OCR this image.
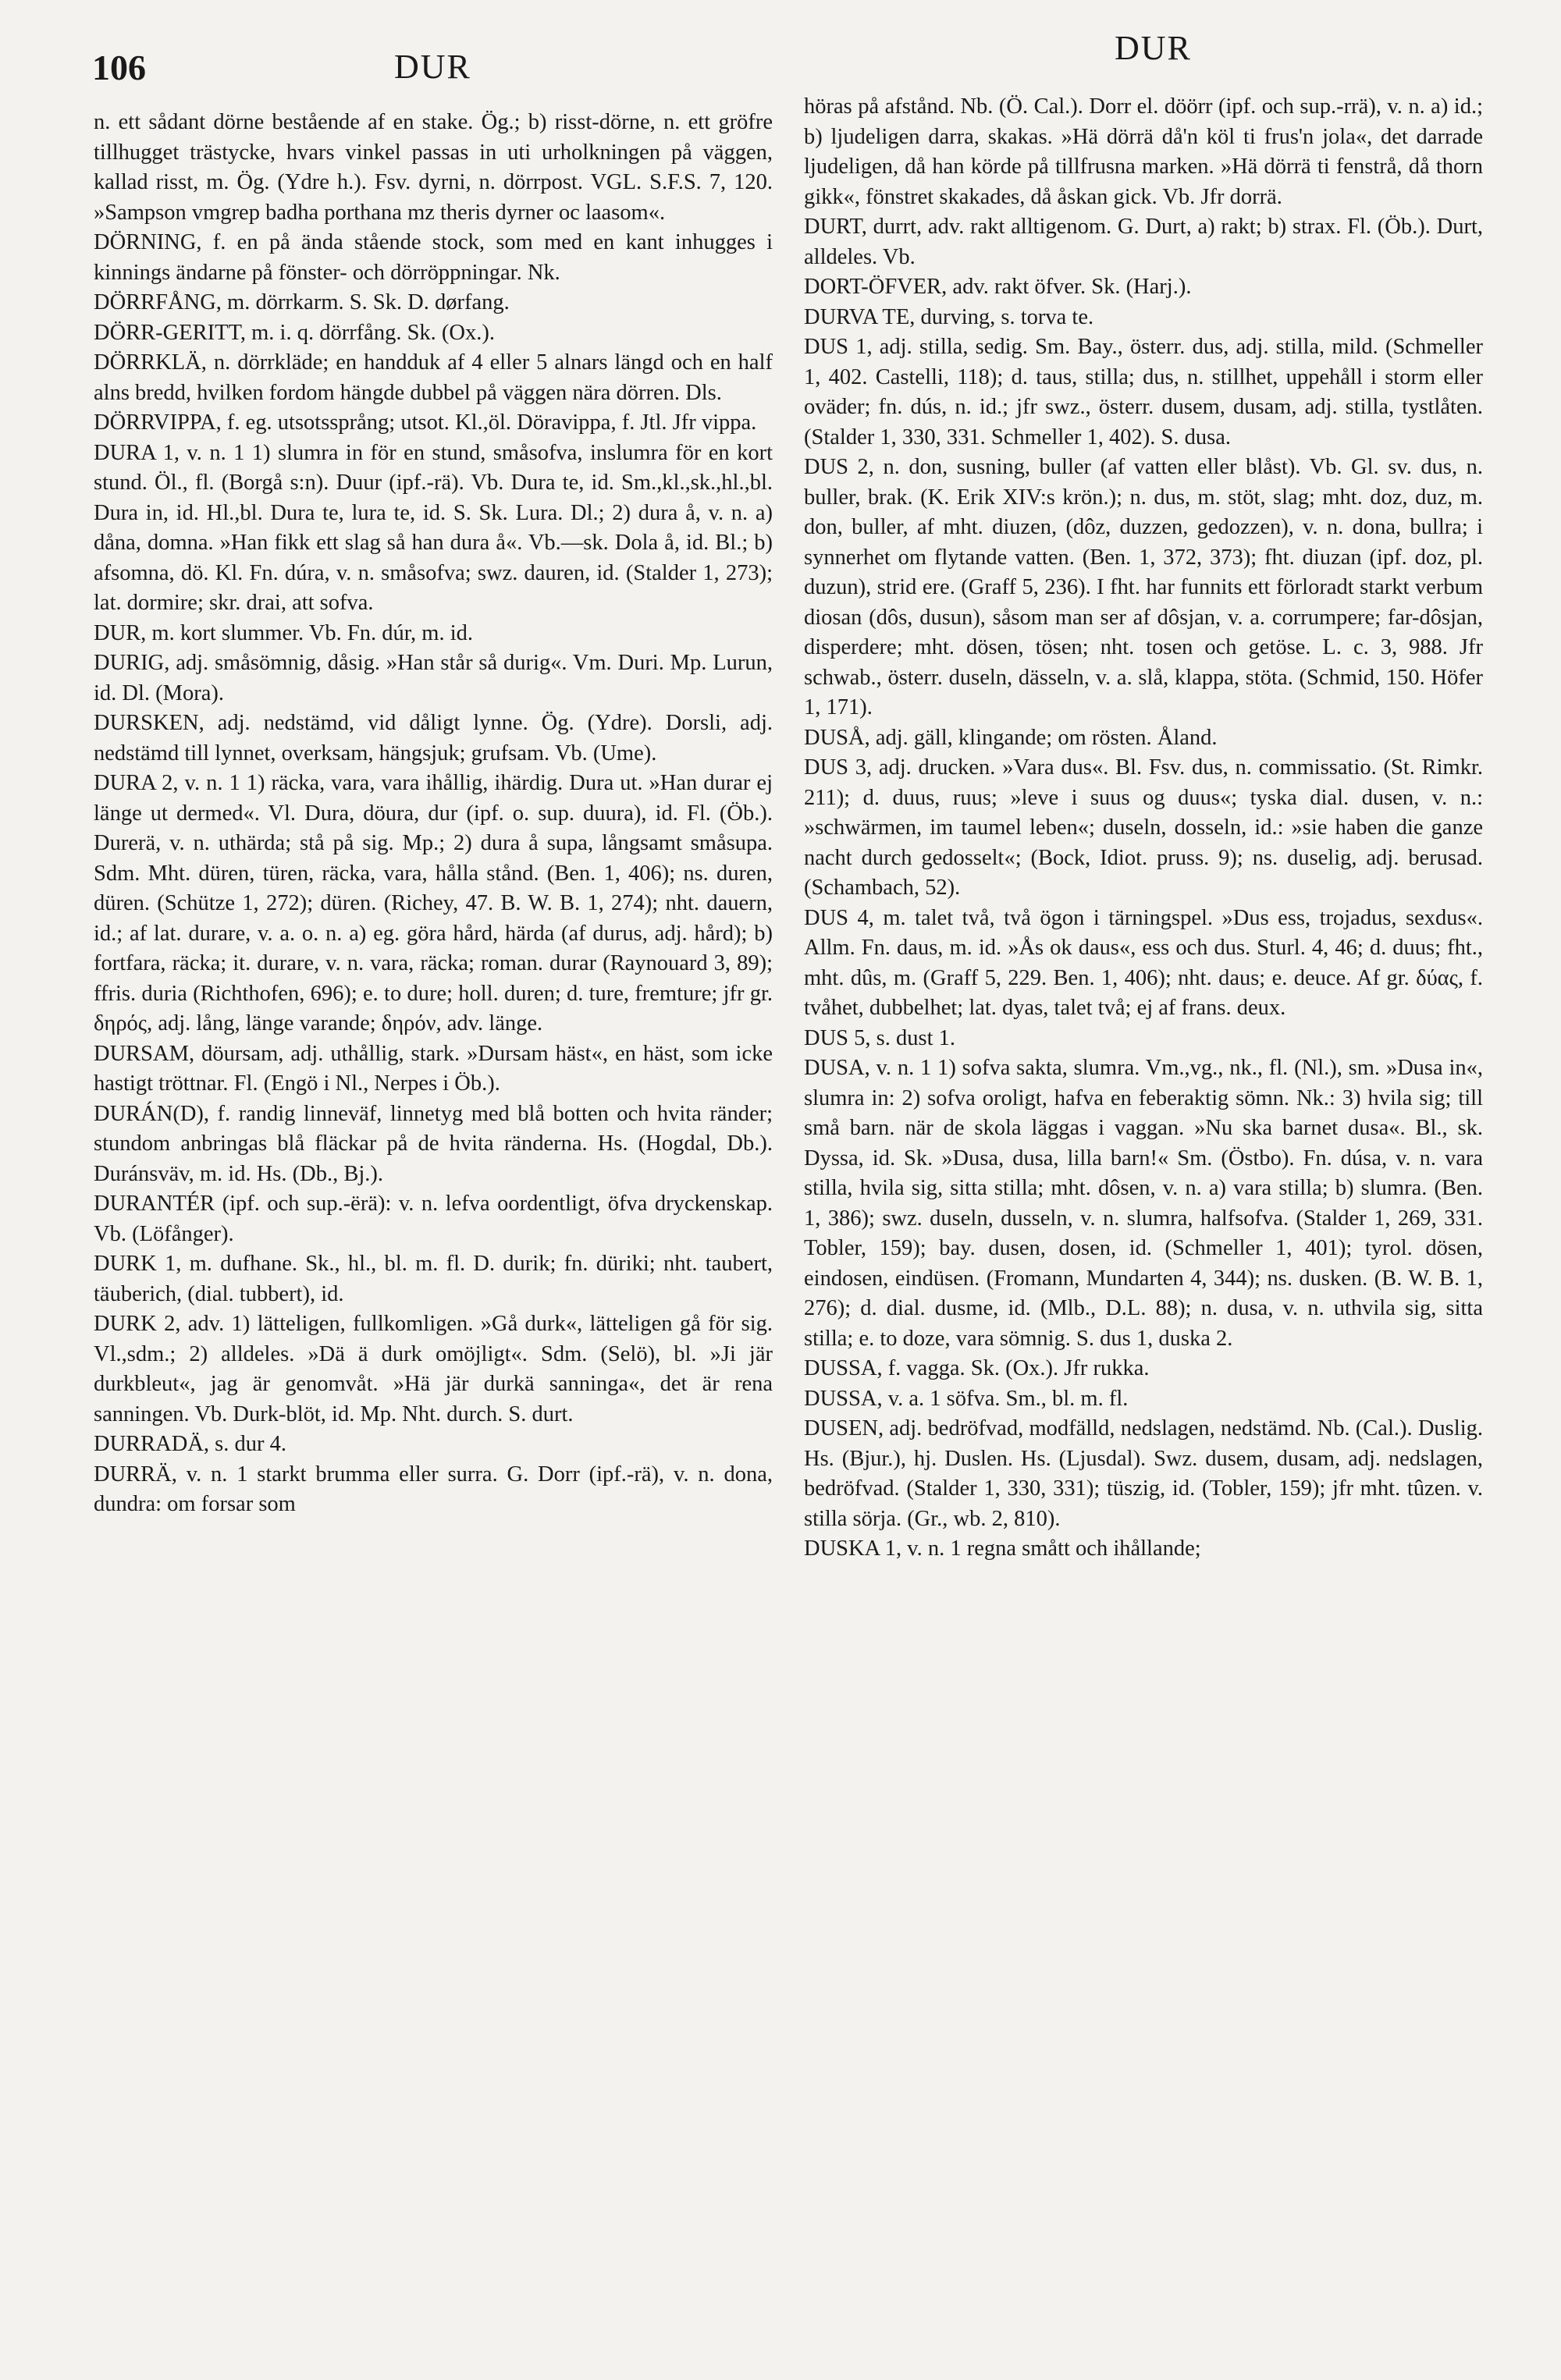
106	DUR	DUR

n. ett sådant dörne bestående af en stake. Ög.; b) risst-dörne, n. ett gröfre tillhugget trästycke, hvars vinkel passas in uti urholkningen på väggen, kallad risst, m. Ög. (Ydre h.). Fsv. dyrni, n. dörrpost. VGL. S.F.S. 7, 120. »Sampson vmgrep badha porthana mz theris dyrner oc laasom«.

DÖRNING, f. en på ända stående stock, som med en kant inhugges i kinnings ändarne på fönster- och dörröppningar. Nk.

DÖRRFÅNG, m. dörrkarm. S. Sk. D. dørfang.

DÖRR-GERITT, m. i. q. dörrfång. Sk. (Ox.).

DÖRRKLÄ, n. dörrkläde; en handduk af 4 eller 5 alnars längd och en half alns bredd, hvilken fordom hängde dubbel på väggen nära dörren. Dls.

DÖRRVIPPA, f. eg. utsotssprång; utsot. Kl.,öl. Döravippa, f. Jtl. Jfr vippa.

DURA 1, v. n. 1 1) slumra in för en stund, småsofva, inslumra för en kort stund. Öl., fl. (Borgå s:n). Duur (ipf.-rä). Vb. Dura te, id. Sm.,kl.,sk.,hl.,bl. Dura in, id. Hl.,bl. Dura te, lura te, id. S. Sk. Lura. Dl.; 2) dura å, v. n. a) dåna, domna. »Han fikk ett slag så han dura å«. Vb.—sk. Dola å, id. Bl.; b) afsomna, dö. Kl. Fn. dúra, v. n. småsofva; swz. dauren, id. (Stalder 1, 273); lat. dormire; skr. drai, att sofva.

DUR, m. kort slummer. Vb. Fn. dúr, m. id.

DURIG, adj. småsömnig, dåsig. »Han står så durig«. Vm. Duri. Mp. Lurun, id. Dl. (Mora).

DURSKEN, adj. nedstämd, vid dåligt lynne. Ög. (Ydre). Dorsli, adj. nedstämd till lynnet, overksam, hängsjuk; grufsam. Vb. (Ume).

DURA 2, v. n. 1 1) räcka, vara, vara ihållig, ihärdig. Dura ut. »Han durar ej länge ut dermed«. Vl. Dura, döura, dur (ipf. o. sup. duura), id. Fl. (Öb.). Durerä, v. n. uthärda; stå på sig. Mp.; 2) dura å supa, långsamt småsupa. Sdm. Mht. düren, türen, räcka, vara, hålla stånd. (Ben. 1, 406); ns. duren, düren. (Schütze 1, 272); düren. (Richey, 47. B. W. B. 1, 274); nht. dauern, id.; af lat. durare, v. a. o. n. a) eg. göra hård, härda (af durus, adj. hård); b) fortfara, räcka; it. durare, v. n. vara, räcka; roman. durar (Raynouard 3, 89); ffris. duria (Richthofen, 696); e. to dure; holl. duren; d. ture, fremture; jfr gr. δηρός, adj. lång, länge varande; δηρόν, adv. länge.

DURSAM, döursam, adj. uthållig, stark. »Dursam häst«, en häst, som icke hastigt tröttnar. Fl. (Engö i Nl., Nerpes i Öb.).

DURÁN(D), f. randig linneväf, linnetyg med blå botten och hvita ränder; stundom anbringas blå fläckar på de hvita ränderna. Hs. (Hogdal, Db.). Duránsväv, m. id. Hs. (Db., Bj.).

DURANTÉR (ipf. och sup.-ërä): v. n. lefva oordentligt, öfva dryckenskap. Vb. (Löfånger).

DURK 1, m. dufhane. Sk., hl., bl. m. fl. D. durik; fn. düriki; nht. taubert, täuberich, (dial. tubbert), id.

DURK 2, adv. 1) lätteligen, fullkomligen. »Gå durk«, lätteligen gå för sig. Vl.,sdm.; 2) alldeles. »Dä ä durk omöjligt«. Sdm. (Selö), bl. »Ji jär durkbleut«, jag är genomvåt. »Hä jär durkä sanninga«, det är rena sanningen. Vb. Durk-blöt, id. Mp. Nht. durch. S. durt.

DURRADÄ, s. dur 4.

DURRÄ, v. n. 1 starkt brumma eller surra. G. Dorr (ipf.-rä), v. n. dona, dundra: om forsar som

höras på afstånd. Nb. (Ö. Cal.). Dorr el. döörr (ipf. och sup.-rrä), v. n. a) id.; b) ljudeligen darra, skakas. »Hä dörrä då'n köl ti frus'n jola«, det darrade ljudeligen, då han körde på tillfrusna marken. »Hä dörrä ti fenstrå, då thorn gikk«, fönstret skakades, då åskan gick. Vb. Jfr dorrä.

DURT, durrt, adv. rakt alltigenom. G. Durt, a) rakt; b) strax. Fl. (Öb.). Durt, alldeles. Vb.

DORT-ÖFVER, adv. rakt öfver. Sk. (Harj.).

DURVA TE, durving, s. torva te.

DUS 1, adj. stilla, sedig. Sm. Bay., österr. dus, adj. stilla, mild. (Schmeller 1, 402. Castelli, 118); d. taus, stilla; dus, n. stillhet, uppehåll i storm eller oväder; fn. dús, n. id.; jfr swz., österr. dusem, dusam, adj. stilla, tystlåten. (Stalder 1, 330, 331. Schmeller 1, 402). S. dusa.

DUS 2, n. don, susning, buller (af vatten eller blåst). Vb. Gl. sv. dus, n. buller, brak. (K. Erik XIV:s krön.); n. dus, m. stöt, slag; mht. doz, duz, m. don, buller, af mht. diuzen, (dôz, duzzen, gedozzen), v. n. dona, bullra; i synnerhet om flytande vatten. (Ben. 1, 372, 373); fht. diuzan (ipf. doz, pl. duzun), strid ere. (Graff 5, 236). I fht. har funnits ett förloradt starkt verbum diosan (dôs, dusun), såsom man ser af dôsjan, v. a. corrumpere; far-dôsjan, disperdere; mht. dösen, tösen; nht. tosen och getöse. L. c. 3, 988. Jfr schwab., österr. duseln, dässeln, v. a. slå, klappa, stöta. (Schmid, 150. Höfer 1, 171).

DUSÅ, adj. gäll, klingande; om rösten. Åland.

DUS 3, adj. drucken. »Vara dus«. Bl. Fsv. dus, n. commissatio. (St. Rimkr. 211); d. duus, ruus; »leve i suus og duus«; tyska dial. dusen, v. n.: »schwärmen, im taumel leben«; duseln, dosseln, id.: »sie haben die ganze nacht durch gedosselt«; (Bock, Idiot. pruss. 9); ns. duselig, adj. berusad. (Schambach, 52).

DUS 4, m. talet två, två ögon i tärningspel. »Dus ess, trojadus, sexdus«. Allm. Fn. daus, m. id. »Ås ok daus«, ess och dus. Sturl. 4, 46; d. duus; fht., mht. dûs, m. (Graff 5, 229. Ben. 1, 406); nht. daus; e. deuce. Af gr. δύας, f. tvåhet, dubbelhet; lat. dyas, talet två; ej af frans. deux.

DUS 5, s. dust 1.

DUSA, v. n. 1 1) sofva sakta, slumra. Vm.,vg., nk., fl. (Nl.), sm. »Dusa in«, slumra in: 2) sofva oroligt, hafva en feberaktig sömn. Nk.: 3) hvila sig; till små barn. när de skola läggas i vaggan. »Nu ska barnet dusa«. Bl., sk. Dyssa, id. Sk. »Dusa, dusa, lilla barn!« Sm. (Östbo). Fn. dúsa, v. n. vara stilla, hvila sig, sitta stilla; mht. dôsen, v. n. a) vara stilla; b) slumra. (Ben. 1, 386); swz. duseln, dusseln, v. n. slumra, halfsofva. (Stalder 1, 269, 331. Tobler, 159); bay. dusen, dosen, id. (Schmeller 1, 401); tyrol. dösen, eindosen, eindüsen. (Fromann, Mundarten 4, 344); ns. dusken. (B. W. B. 1, 276); d. dial. dusme, id. (Mlb., D.L. 88); n. dusa, v. n. uthvila sig, sitta stilla; e. to doze, vara sömnig. S. dus 1, duska 2.

DUSSA, f. vagga. Sk. (Ox.). Jfr rukka.

DUSSA, v. a. 1 söfva. Sm., bl. m. fl.

DUSEN, adj. bedröfvad, modfälld, nedslagen, nedstämd. Nb. (Cal.). Duslig. Hs. (Bjur.), hj. Duslen. Hs. (Ljusdal). Swz. dusem, dusam, adj. nedslagen, bedröfvad. (Stalder 1, 330, 331); tüszig, id. (Tobler, 159); jfr mht. tûzen. v. stilla sörja. (Gr., wb. 2, 810).

DUSKA 1, v. n. 1 regna smått och ihållande;
